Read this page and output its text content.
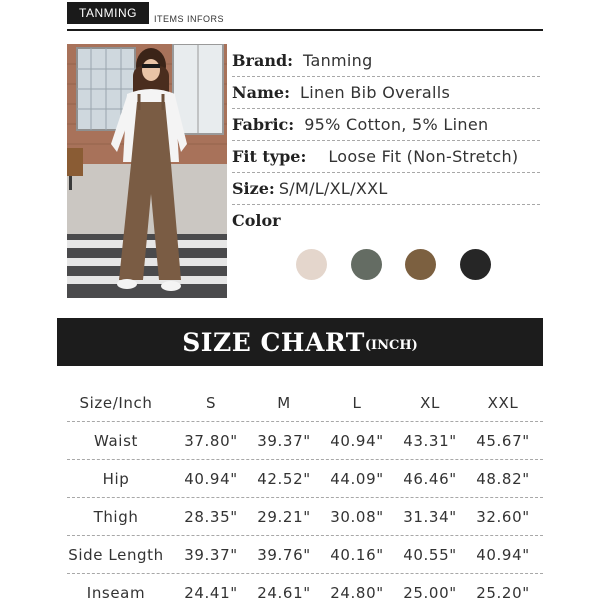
TANMING	ITEMS INFORS
Brand: Tanming
Name: Linen Bib Overalls
Fabric: 95% Cotton, 5% Linen
Fit type: Loose Fit (Non-Stretch)
Size: S/M/L/XL/XXL
Color
SIZE CHART (INCH)
Size/Inch	S	M	L	XL	XXL
Waist	37.80"	39.37"	40.94"	43.31"	45.67"
Hip	40.94"	42.52"	44.09"	46.46"	48.82"
Thigh	28.35"	29.21"	30.08"	31.34"	32.60"
Side Length	39.37"	39.76"	40.16"	40.55"	40.94"
Inseam	24.41"	24.61"	24.80"	25.00"	25.20"
